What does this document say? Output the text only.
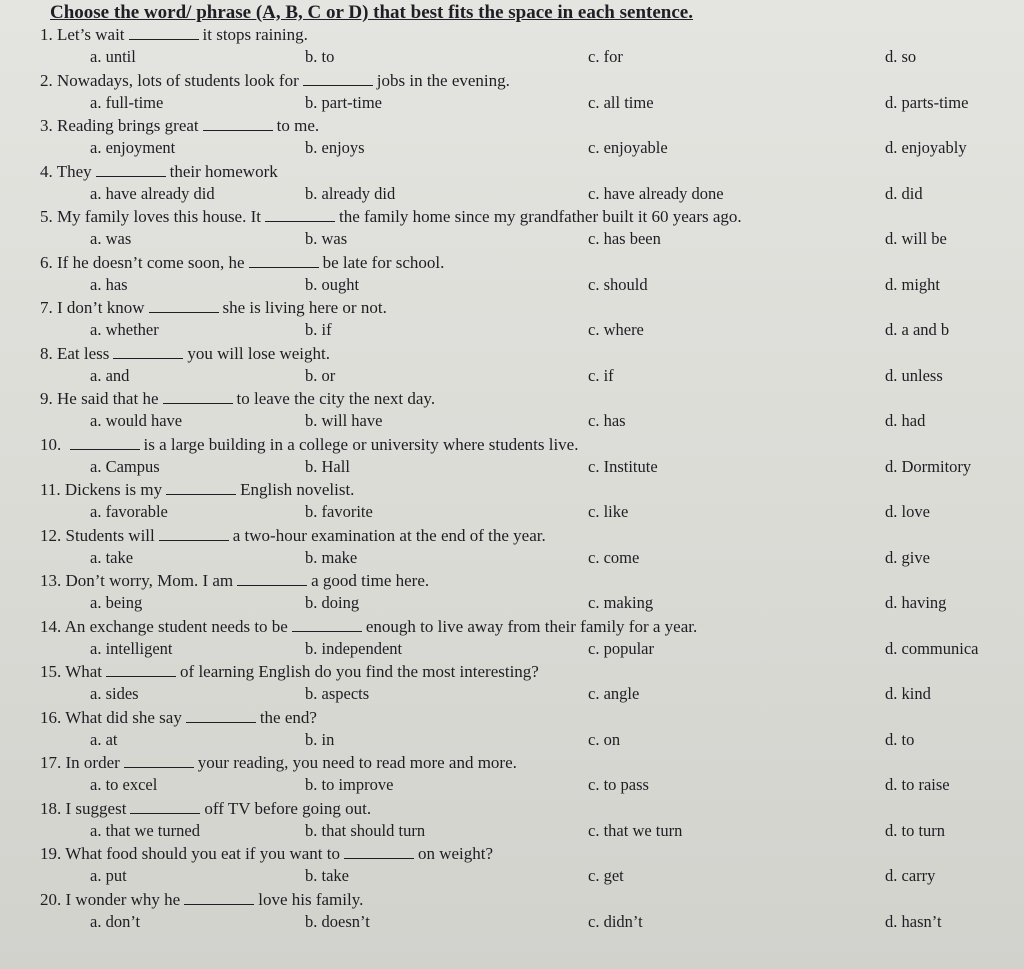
Choose the word/ phrase (A, B, C or D) that best fits the space in each sentence.
1. Let’s wait	it stops raining.
a. until	b. to	c. for	d. so
2. Nowadays, lots of students look for	jobs in the evening.
a. full-time	b. part-time	c. all time	d. parts-time
3. Reading brings great	to me.
a. enjoyment	b. enjoys	c. enjoyable	d. enjoyably
4. They	their homework
a. have already did	b. already did	c. have already done	d. did
5. My family loves this house. It	the family home since my grandfather built it 60 years ago.
a. was	b. was	c. has been	d. will be
6. If he doesn’t come soon, he	be late for school.
a. has	b. ought	c. should	d. might
7. I don’t know	she is living here or not.
a. whether	b. if	c. where	d. a and b
8. Eat less	you will lose weight.
a. and	b. or	c. if	d. unless
9. He said that he	to leave the city the next day.
a. would have	b. will have	c. has	d. had
10.	is a large building in a college or university where students live.
a. Campus	b. Hall	c. Institute	d. Dormitory
11. Dickens is my	English novelist.
a. favorable	b. favorite	c. like	d. love
12. Students will	a two-hour examination at the end of the year.
a. take	b. make	c. come	d. give
13. Don’t worry, Mom. I am	a good time here.
a. being	b. doing	c. making	d. having
14. An exchange student needs to be	enough to live away from their family for a year.
a. intelligent	b. independent	c. popular	d. communica
15. What	of learning English do you find the most interesting?
a. sides	b. aspects	c. angle	d. kind
16. What did she say	the end?
a. at	b. in	c. on	d. to
17. In order	your reading, you need to read more and more.
a. to excel	b. to improve	c. to pass	d. to raise
18. I suggest	off TV before going out.
a. that we turned	b. that should turn	c. that we turn	d. to turn
19. What food should you eat if you want to	on weight?
a. put	b. take	c. get	d. carry
20. I wonder why he	love his family.
a. don’t	b. doesn’t	c. didn’t	d. hasn’t
